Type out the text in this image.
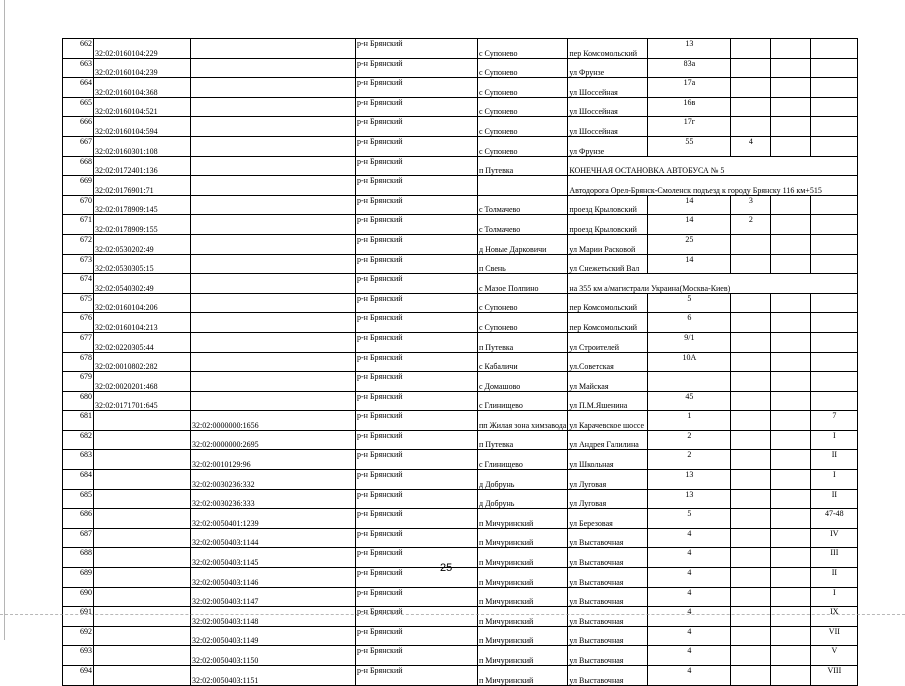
662	32:02:0160104:229		р-н Брянский	с Супонево	пер Комсомольский	13			
663	32:02:0160104:239		р-н Брянский	с Супонево	ул Фрунзе	83а			
664	32:02:0160104:368		р-н Брянский	с Супонево	ул Шоссейная	17а			
665	32:02:0160104:521		р-н Брянский	с Супонево	ул Шоссейная	16в			
666	32:02:0160104:594		р-н Брянский	с Супонево	ул Шоссейная	17г			
667	32:02:0160301:108		р-н Брянский	с Супонево	ул Фрунзе	55	4		
668	32:02:0172401:136		р-н Брянский	п Путевка	КОНЕЧНАЯ ОСТАНОВКА АВТОБУСА № 5				
669	32:02:0176901:71		р-н Брянский		Автодорога Орел-Брянск-Смоленск подъезд к городу Брянску 116 км+515				
670	32:02:0178909:145		р-н Брянский	с Толмачево	проезд Крыловский	14	3		
671	32:02:0178909:155		р-н Брянский	с Толмачево	проезд Крыловский	14	2		
672	32:02:0530202:49		р-н Брянский	д Новые Дарковичи	ул Марии Расковой	25			
673	32:02:0530305:15		р-н Брянский	п Свень	ул Снежетьский Вал	14			
674	32:02:0540302:49		р-н Брянский	с Мазое Полпино	на 355 км а/магистрали Украина(Москва-Киев)				
675	32:02:0160104:206		р-н Брянский	с Супонево	пер Комсомольский	5			
676	32:02:0160104:213		р-н Брянский	с Супонево	пер Комсомольский	6			
677	32:02:0220305:44		р-н Брянский	п Путевка	ул Строителей	9/1			
678	32:02:0010802:282		р-н Брянский	с Кабаличи	ул.Советская	10А			
679	32:02:0020201:468		р-н Брянский	с Домашово	ул Майская				
680	32:02:0171701:645		р-н Брянский	с Глинищево	ул П.М.Яшенина	45			
681		32:02:0000000:1656	р-н Брянский	пп Жилая зона химзавода	ул Карачевское шоссе	1			7
682		32:02:0000000:2695	р-н Брянский	п Путевка	ул Андрея Галилина	2			I
683		32:02:0010129:96	р-н Брянский	с Глинищево	ул Школьная	2			II
684		32:02:0030236:332	р-н Брянский	д Добрунь	ул Луговая	13			I
685		32:02:0030236:333	р-н Брянский	д Добрунь	ул Луговая	13			II
686		32:02:0050401:1239	р-н Брянский	п Мичуринский	ул Березовая	5			47-48
687		32:02:0050403:1144	р-н Брянский	п Мичуринский	ул Выставочная	4			IV
688		32:02:0050403:1145	р-н Брянский	п Мичуринский	ул Выставочная	4			III
689		32:02:0050403:1146	р-н Брянский	п Мичуринский	ул Выставочная	4			II
690		32:02:0050403:1147	р-н Брянский	п Мичуринский	ул Выставочная	4			I
691		32:02:0050403:1148	р-н Брянский	п Мичуринский	ул Выставочная	4			IX
692		32:02:0050403:1149	р-н Брянский	п Мичуринский	ул Выставочная	4			VII
693		32:02:0050403:1150	р-н Брянский	п Мичуринский	ул Выставочная	4			V
694		32:02:0050403:1151	р-н Брянский	п Мичуринский	ул Выставочная	4			VIII
25
